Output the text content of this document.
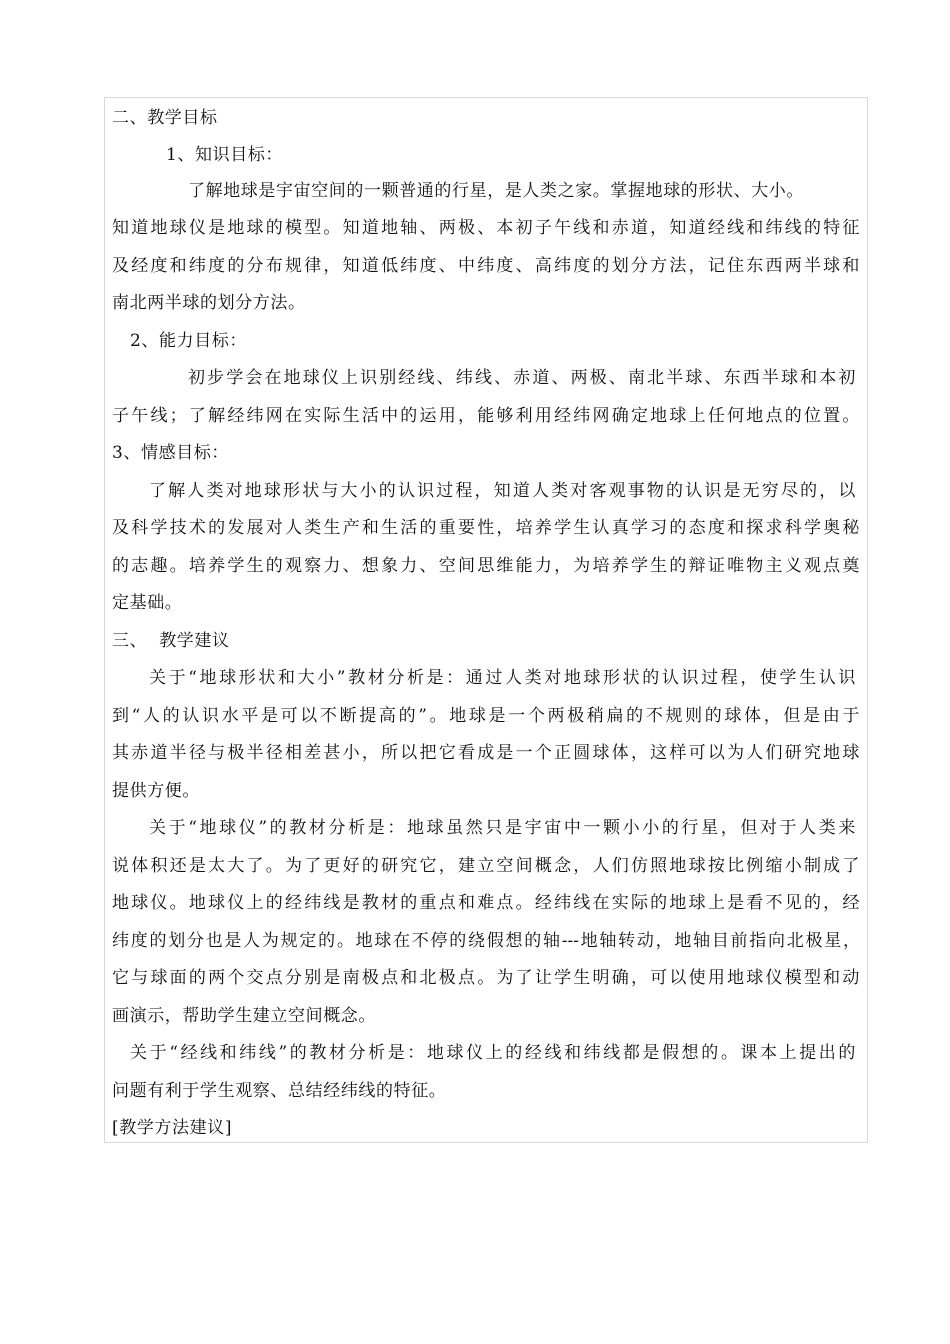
二、教学目标
1、知识目标：
了解地球是宇宙空间的一颗普通的行星，是人类之家。掌握地球的形状、大小。
知道地球仪是地球的模型。知道地轴、两极、本初子午线和赤道，知道经线和纬线的特征
及经度和纬度的分布规律，知道低纬度、中纬度、高纬度的划分方法，记住东西两半球和
南北两半球的划分方法。
2、能力目标：
初步学会在地球仪上识别经线、纬线、赤道、两极、南北半球、东西半球和本初
子午线；了解经纬网在实际生活中的运用，能够利用经纬网确定地球上任何地点的位置。
3、情感目标：
了解人类对地球形状与大小的认识过程，知道人类对客观事物的认识是无穷尽的，以
及科学技术的发展对人类生产和生活的重要性，培养学生认真学习的态度和探求科学奥秘
的志趣。培养学生的观察力、想象力、空间思维能力，为培养学生的辩证唯物主义观点奠
定基础。
三、  教学建议
关于“地球形状和大小”教材分析是：通过人类对地球形状的认识过程，使学生认识
到“人的认识水平是可以不断提高的”。地球是一个两极稍扁的不规则的球体，但是由于
其赤道半径与极半径相差甚小，所以把它看成是一个正圆球体，这样可以为人们研究地球
提供方便。
关于“地球仪”的教材分析是：地球虽然只是宇宙中一颗小小的行星，但对于人类来
说体积还是太大了。为了更好的研究它，建立空间概念，人们仿照地球按比例缩小制成了
地球仪。地球仪上的经纬线是教材的重点和难点。经纬线在实际的地球上是看不见的，经
纬度的划分也是人为规定的。地球在不停的绕假想的轴---地轴转动，地轴目前指向北极星，
它与球面的两个交点分别是南极点和北极点。为了让学生明确，可以使用地球仪模型和动
画演示，帮助学生建立空间概念。
关于“经线和纬线”的教材分析是：地球仪上的经线和纬线都是假想的。课本上提出的
问题有利于学生观察、总结经纬线的特征。
[教学方法建议]
